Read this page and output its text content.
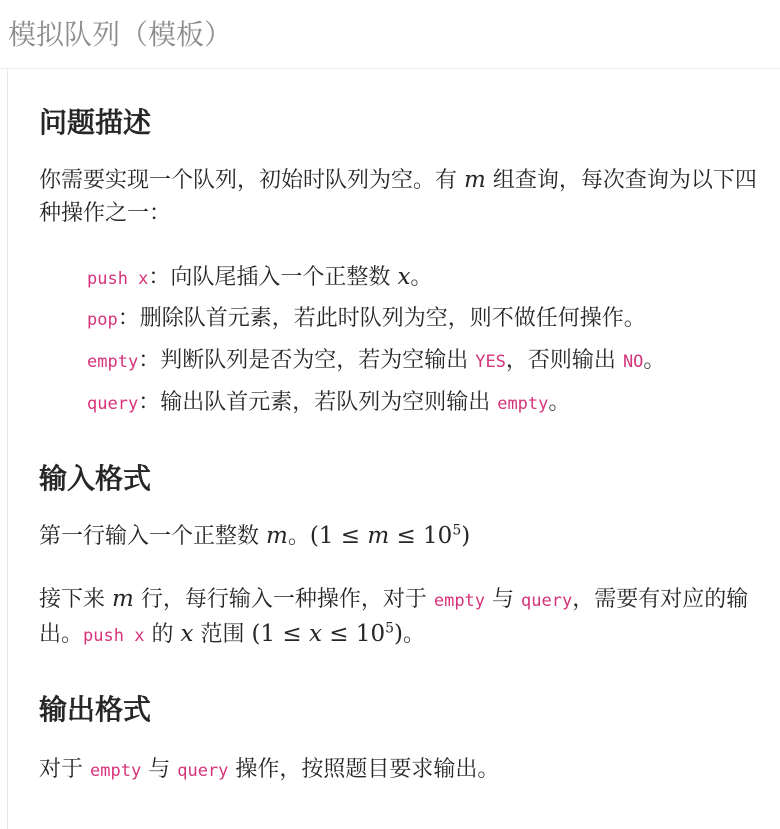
模拟队列（模板）
问题描述

你需要实现一个队列，初始时队列为空。有 m 组查询，每次查询为以下四种操作之一：

push x：向队尾插入一个正整数 x。
pop：删除队首元素，若此时队列为空，则不做任何操作。
empty：判断队列是否为空，若为空输出 YES，否则输出 NO。
query：输出队首元素，若队列为空则输出 empty。
输入格式

第一行输入一个正整数 m。$(1 \le m \le 10^5)$

接下来 m 行，每行输入一种操作，对于 empty 与 query，需要有对应的输出。push x 的 x 范围 $(1 \le x \le 10^5)$。

输出格式

对于 empty 与 query 操作，按照题目要求输出。
